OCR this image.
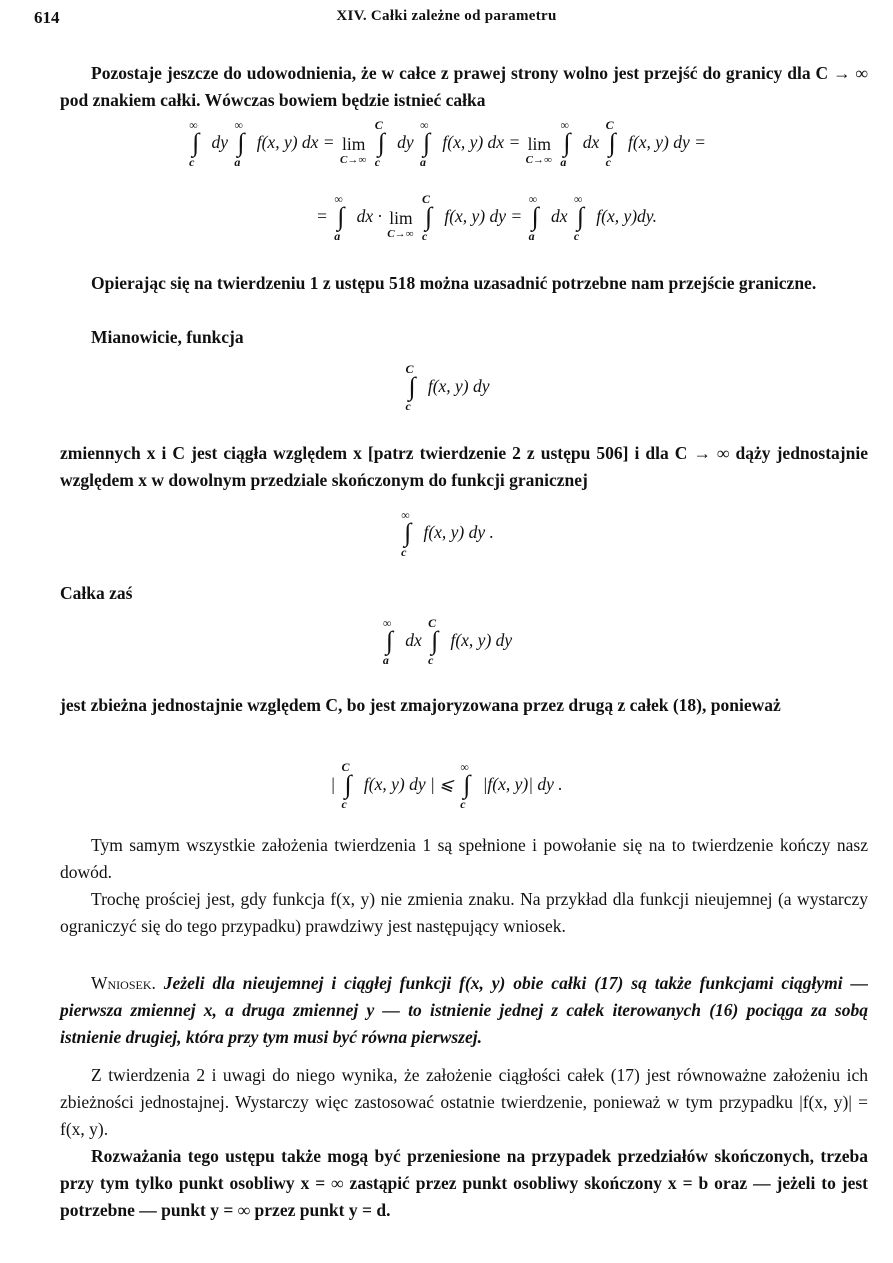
614	XIV. Całki zależne od parametru
Pozostaje jeszcze do udowodnienia, że w całce z prawej strony wolno jest przejść do granicy dla C → ∞ pod znakiem całki. Wówczas bowiem będzie istnieć całka
∞
∫
c
dy
∞
∫
a
f(x, y) dx = lim
C→∞

C
∫
c
dy
∞
∫
a
f(x, y) dx = lim
C→∞

∞
∫
a
dx
C
∫
c
f(x, y) dy =
=
∞
∫
a
dx · lim
C→∞

C
∫
c
f(x, y) dy =
∞
∫
a
dx
∞
∫
c
f(x, y)dy.
Opierając się na twierdzeniu 1 z ustępu 518 można uzasadnić potrzebne nam przejście graniczne.
Mianowicie, funkcja
C
∫
c
f(x, y) dy
zmiennych x i C jest ciągła względem x [patrz twierdzenie 2 z ustępu 506] i dla C → ∞ dąży jednostajnie względem x w dowolnym przedziale skończonym do funkcji granicznej
∞
∫
c
f(x, y) dy .
Całka zaś
∞
∫
a
dx
C
∫
c
f(x, y) dy
jest zbieżna jednostajnie względem C, bo jest zmajoryzowana przez drugą z całek (18), ponieważ
|
C
∫
c
f(x, y) dy | ⩽
∞
∫
c
|f(x, y)| dy .
Tym samym wszystkie założenia twierdzenia 1 są spełnione i powołanie się na to twierdzenie kończy nasz dowód.
Trochę prościej jest, gdy funkcja f(x, y) nie zmienia znaku. Na przykład dla funkcji nieujemnej (a wystarczy ograniczyć się do tego przypadku) prawdziwy jest następujący wniosek.
Wniosek. Jeżeli dla nieujemnej i ciągłej funkcji f(x, y) obie całki (17) są także funkcjami ciągłymi — pierwsza zmiennej x, a druga zmiennej y — to istnienie jednej z całek iterowanych (16) pociąga za sobą istnienie drugiej, która przy tym musi być równa pierwszej.
Z twierdzenia 2 i uwagi do niego wynika, że założenie ciągłości całek (17) jest równoważne założeniu ich zbieżności jednostajnej. Wystarczy więc zastosować ostatnie twierdzenie, ponieważ w tym przypadku |f(x, y)| = f(x, y).
Rozważania tego ustępu także mogą być przeniesione na przypadek przedziałów skończonych, trzeba przy tym tylko punkt osobliwy x = ∞ zastąpić przez punkt osobliwy skończony x = b oraz — jeżeli to jest potrzebne — punkt y = ∞ przez punkt y = d.
